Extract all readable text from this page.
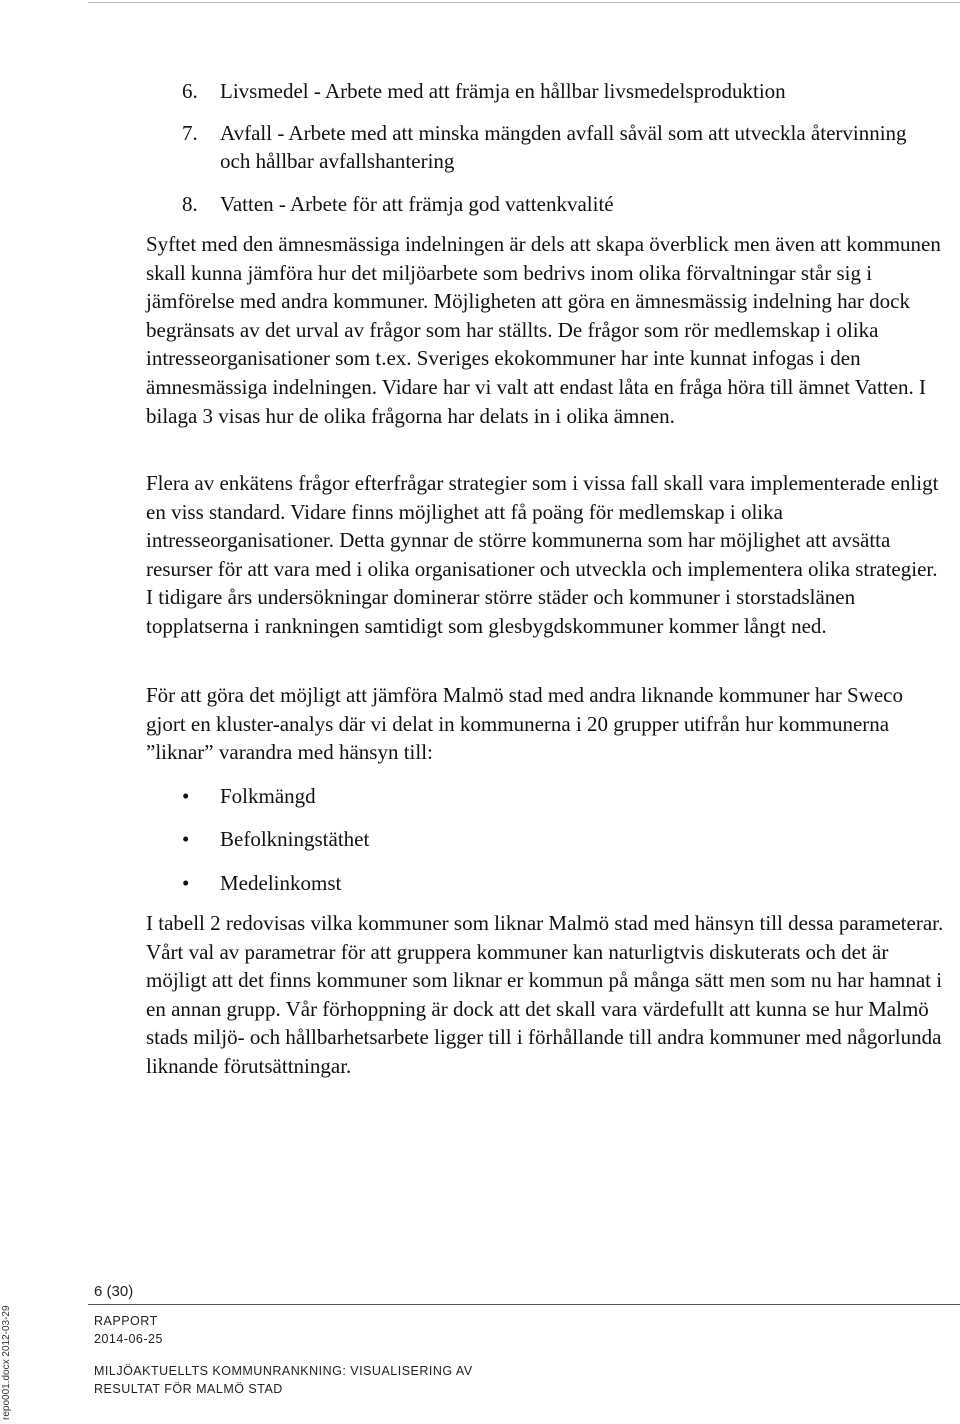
6.	Livsmedel - Arbete med att främja en hållbar livsmedelsproduktion
7.	Avfall - Arbete med att minska mängden avfall såväl som att utveckla återvinning och hållbar avfallshantering
8.	Vatten - Arbete för att främja god vattenkvalité

Syftet med den ämnesmässiga indelningen är dels att skapa överblick men även att kommunen skall kunna jämföra hur det miljöarbete som bedrivs inom olika förvaltningar står sig i jämförelse med andra kommuner. Möjligheten att göra en ämnesmässig indelning har dock begränsats av det urval av frågor som har ställts. De frågor som rör medlemskap i olika intresseorganisationer som t.ex. Sveriges ekokommuner har inte kunnat infogas i den ämnesmässiga indelningen. Vidare har vi valt att endast låta en fråga höra till ämnet Vatten. I bilaga 3 visas hur de olika frågorna har delats in i olika ämnen.

Flera av enkätens frågor efterfrågar strategier som i vissa fall skall vara implementerade enligt en viss standard. Vidare finns möjlighet att få poäng för medlemskap i olika intresseorganisationer. Detta gynnar de större kommunerna som har möjlighet att avsätta resurser för att vara med i olika organisationer och utveckla och implementera olika strategier. I tidigare års undersökningar dominerar större städer och kommuner i storstadslänen topplatserna i rankningen samtidigt som glesbygdskommuner kommer långt ned.

För att göra det möjligt att jämföra Malmö stad med andra liknande kommuner har Sweco gjort en kluster-analys där vi delat in kommunerna i 20 grupper utifrån hur kommunerna ”liknar” varandra med hänsyn till:

•	Folkmängd
•	Befolkningstäthet
•	Medelinkomst

I tabell 2 redovisas vilka kommuner som liknar Malmö stad med hänsyn till dessa parameterar. Vårt val av parametrar för att gruppera kommuner kan naturligtvis diskuterats och det är möjligt att det finns kommuner som liknar er kommun på många sätt men som nu har hamnat i en annan grupp. Vår förhoppning är dock att det skall vara värdefullt att kunna se hur Malmö stads miljö- och hållbarhetsarbete ligger till i förhållande till andra kommuner med någorlunda liknande förutsättningar.

6 (30)
RAPPORT
2014-06-25
MILJÖAKTUELLTS KOMMUNRANKNING: VISUALISERING AV
RESULTAT FÖR MALMÖ STAD
repo001.docx 2012-03-29
